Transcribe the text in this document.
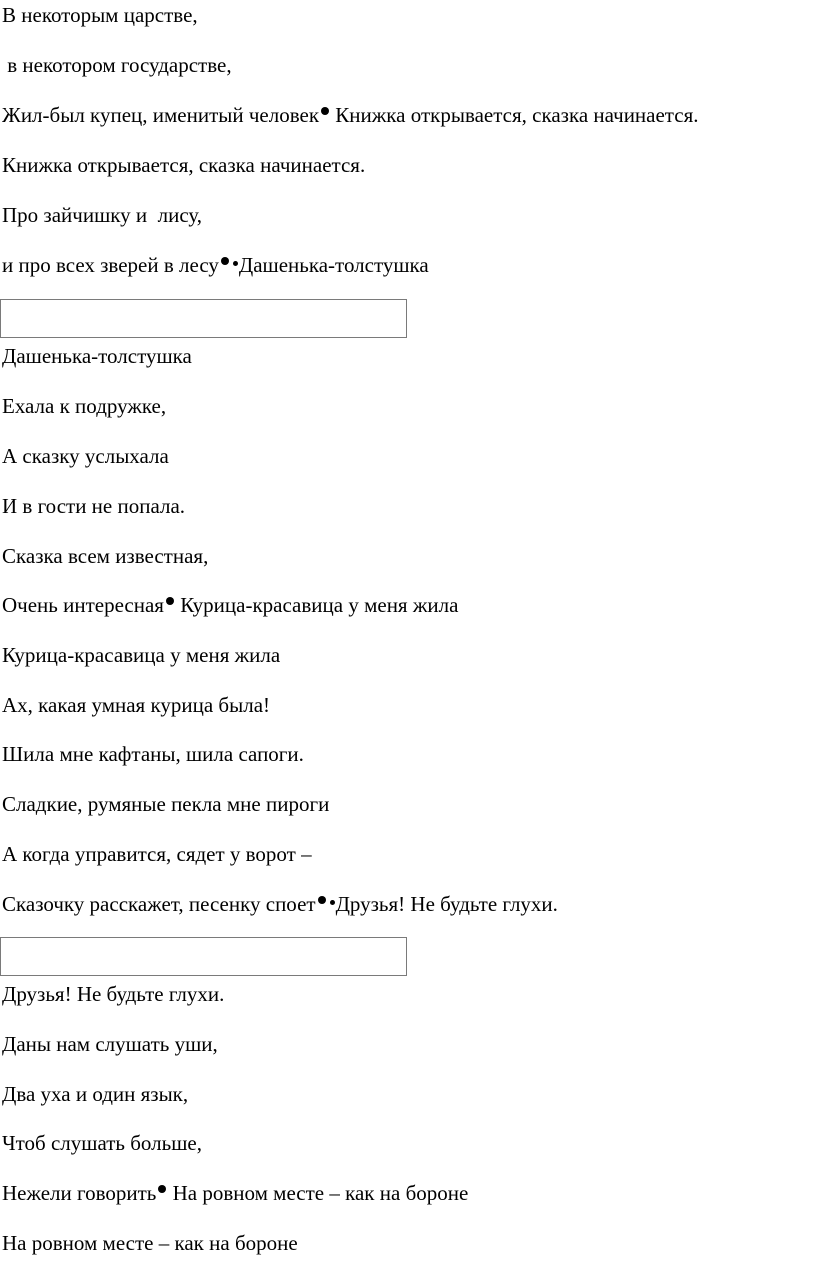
В некоторым царстве,
в некотором государстве,
Жил-был купец, именитый человек Книжка открывается, сказка начинается.
Книжка открывается, сказка начинается.
Про зайчишку и  лису,
и про всех зверей в лесу Дашенька-толстушка
Дашенька-толстушка
Ехала к подружке,
А сказку услыхала
И в гости не попала.
Сказка всем известная,
Очень интересная Курица-красавица у меня жила
Курица-красавица у меня жила
Ах, какая умная курица была!
Шила мне кафтаны, шила сапоги.
Сладкие, румяные пекла мне пироги
А когда управится, сядет у ворот –
Сказочку расскажет, песенку споет Друзья! Не будьте глухи.
Друзья! Не будьте глухи.
Даны нам слушать уши,
Два уха и один язык,
Чтоб слушать больше,
Нежели говорить На ровном месте – как на бороне
На ровном месте – как на бороне
